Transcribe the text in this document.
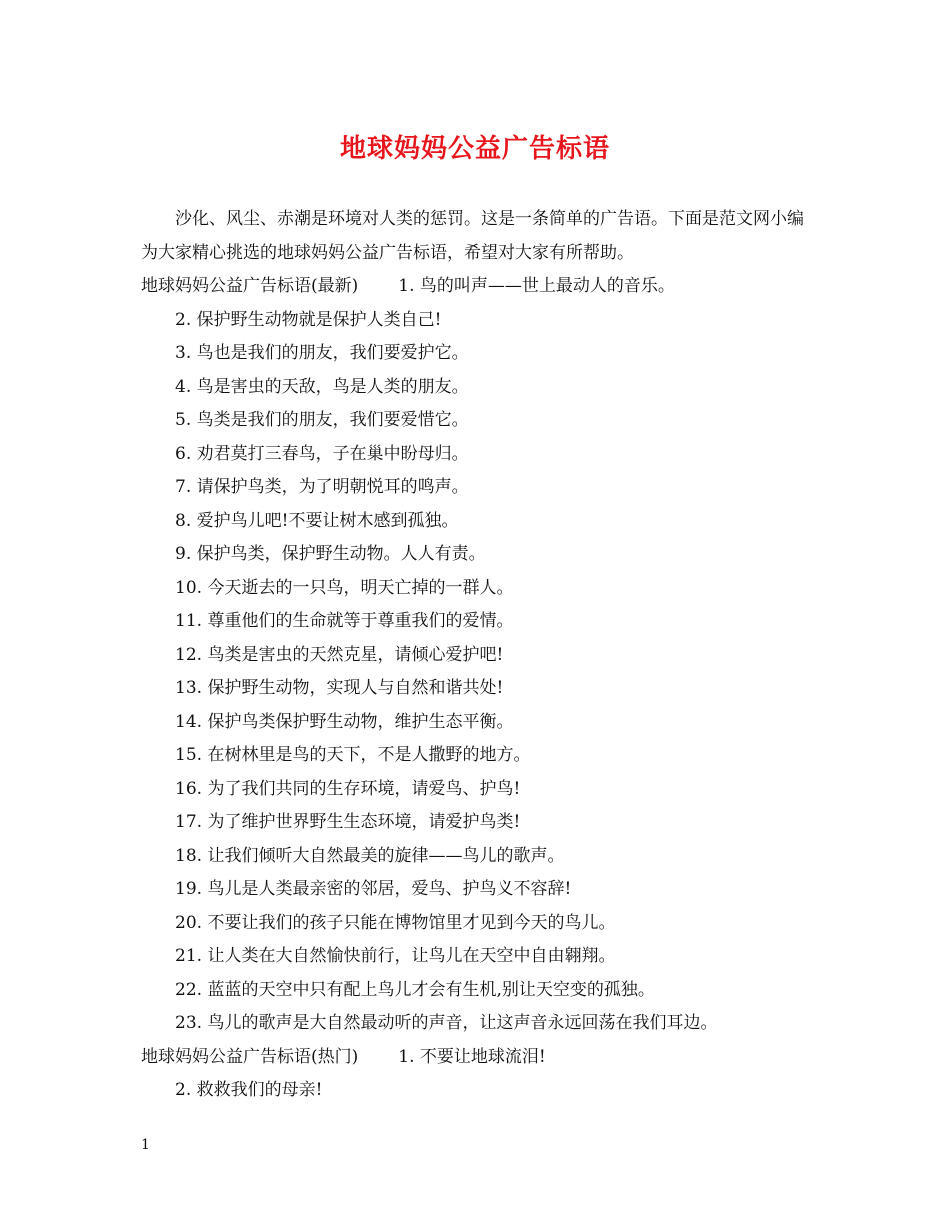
地球妈妈公益广告标语

沙化、风尘、赤潮是环境对人类的惩罚。这是一条简单的广告语。下面是范文网小编为大家精心挑选的地球妈妈公益广告标语，希望对大家有所帮助。

地球妈妈公益广告标语(最新) 1. 鸟的叫声——世上最动人的音乐。

2. 保护野生动物就是保护人类自己!

3. 鸟也是我们的朋友，我们要爱护它。

4. 鸟是害虫的天敌，鸟是人类的朋友。

5. 鸟类是我们的朋友，我们要爱惜它。

6. 劝君莫打三春鸟，子在巢中盼母归。

7. 请保护鸟类，为了明朝悦耳的鸣声。

8. 爱护鸟儿吧!不要让树木感到孤独。

9. 保护鸟类，保护野生动物。人人有责。

10. 今天逝去的一只鸟，明天亡掉的一群人。

11. 尊重他们的生命就等于尊重我们的爱情。

12. 鸟类是害虫的天然克星，请倾心爱护吧!

13. 保护野生动物，实现人与自然和谐共处!

14. 保护鸟类保护野生动物，维护生态平衡。

15. 在树林里是鸟的天下，不是人撒野的地方。

16. 为了我们共同的生存环境，请爱鸟、护鸟!

17. 为了维护世界野生生态环境，请爱护鸟类!

18. 让我们倾听大自然最美的旋律——鸟儿的歌声。

19. 鸟儿是人类最亲密的邻居，爱鸟、护鸟义不容辞!

20. 不要让我们的孩子只能在博物馆里才见到今天的鸟儿。

21. 让人类在大自然愉快前行，让鸟儿在天空中自由翱翔。

22. 蓝蓝的天空中只有配上鸟儿才会有生机,别让天空变的孤独。

23. 鸟儿的歌声是大自然最动听的声音，让这声音永远回荡在我们耳边。

地球妈妈公益广告标语(热门) 1. 不要让地球流泪!

2. 救救我们的母亲!

1
